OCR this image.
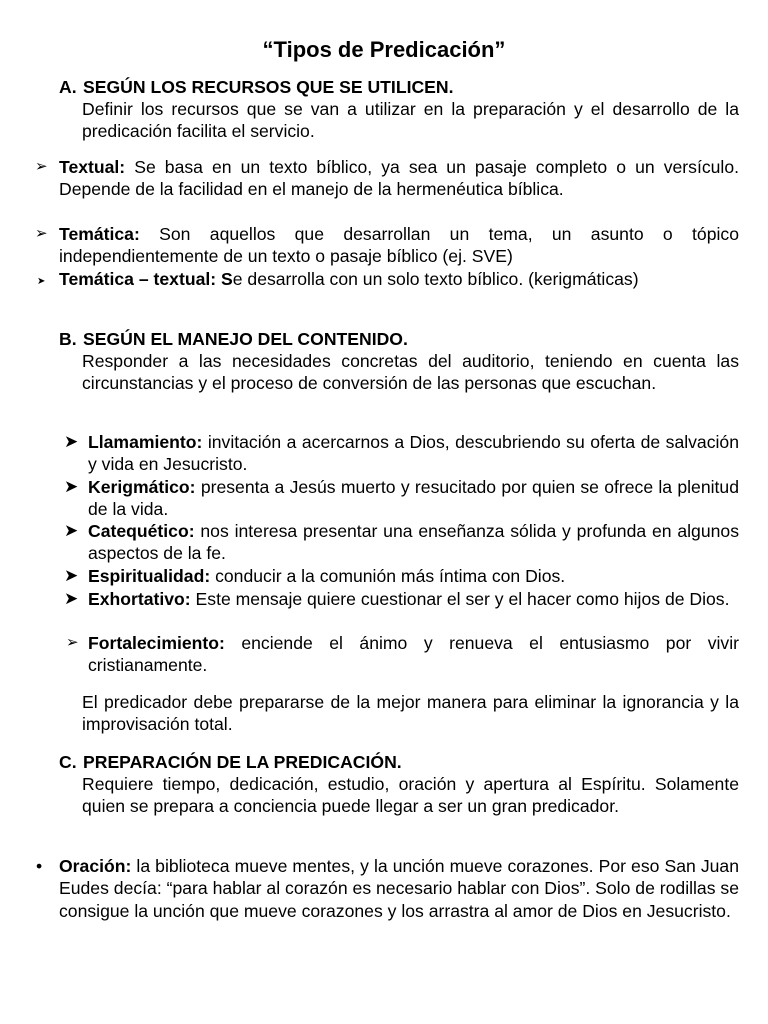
“Tipos de Predicación”
A. SEGÚN LOS RECURSOS QUE SE UTILICEN.
Definir los recursos que se van a utilizar en la preparación y el desarrollo de la predicación facilita el servicio.
➢ Textual: Se basa en un texto bíblico, ya sea un pasaje completo o un versículo. Depende de la facilidad en el manejo de la hermenéutica bíblica.
➢ Temática: Son aquellos que desarrollan un tema, un asunto o tópico independientemente de un texto o pasaje bíblico (ej. SVE)
➤ Temática – textual: Se desarrolla con un solo texto bíblico. (kerigmáticas)
B. SEGÚN EL MANEJO DEL CONTENIDO.
Responder a las necesidades concretas del auditorio, teniendo en cuenta las circunstancias y el proceso de conversión de las personas que escuchan.
➤ Llamamiento: invitación a acercarnos a Dios, descubriendo su oferta de salvación y vida en Jesucristo.
➤ Kerigmático: presenta a Jesús muerto y resucitado por quien se ofrece la plenitud de la vida.
➤ Catequético: nos interesa presentar una enseñanza sólida y profunda en algunos aspectos de la fe.
➤ Espiritualidad: conducir a la comunión más íntima con Dios.
➤ Exhortativo: Este mensaje quiere cuestionar el ser y el hacer como hijos de Dios.
➢ Fortalecimiento: enciende el ánimo y renueva el entusiasmo por vivir cristianamente.
El predicador debe prepararse de la mejor manera para eliminar la ignorancia y la improvisación total.
C. PREPARACIÓN DE LA PREDICACIÓN.
Requiere tiempo, dedicación, estudio, oración y apertura al Espíritu. Solamente quien se prepara a conciencia puede llegar a ser un gran predicador.
• Oración: la biblioteca mueve mentes, y la unción mueve corazones. Por eso San Juan Eudes decía: “para hablar al corazón es necesario hablar con Dios”. Solo de rodillas se consigue la unción que mueve corazones y los arrastra al amor de Dios en Jesucristo.
